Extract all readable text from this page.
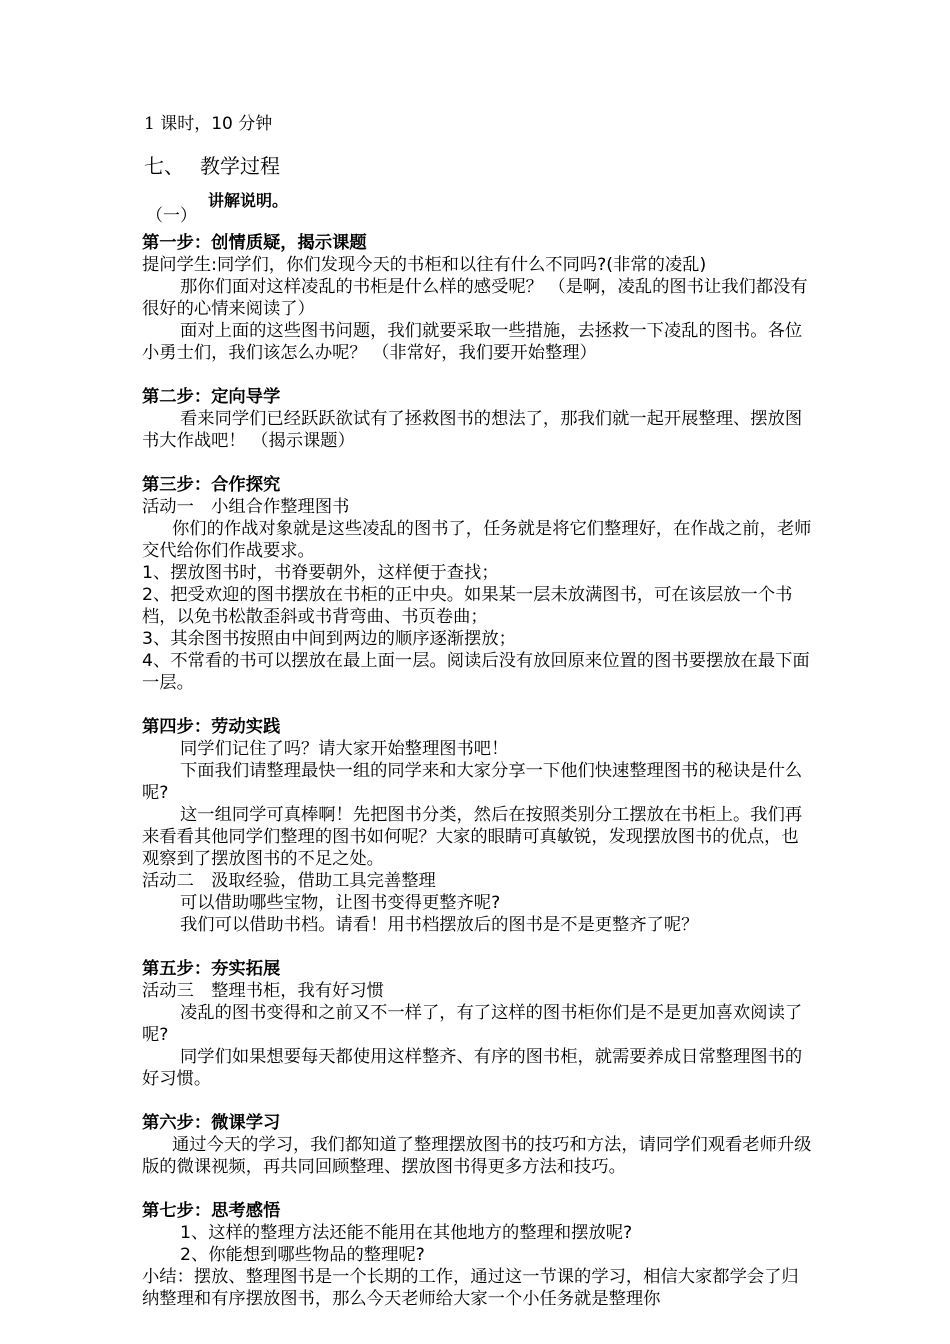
1 课时，10 分钟
七、 教学过程
讲解说明。
（一）

第一步：创情质疑，揭示课题

提问学生:同学们，你们发现今天的书柜和以往有什么不同吗?(非常的凌乱)

那你们面对这样凌乱的书柜是什么样的感受呢？ （是啊，凌乱的图书让我们都没有很好的心情来阅读了）

面对上面的这些图书问题，我们就要采取一些措施，去拯救一下凌乱的图书。各位小勇士们，我们该怎么办呢？ （非常好，我们要开始整理）

第二步：定向导学

看来同学们已经跃跃欲试有了拯救图书的想法了，那我们就一起开展整理、摆放图书大作战吧！ （揭示课题）

第三步：合作探究

活动一　小组合作整理图书

你们的作战对象就是这些凌乱的图书了，任务就是将它们整理好，在作战之前，老师交代给你们作战要求。

1、摆放图书时，书脊要朝外，这样便于查找；

2、把受欢迎的图书摆放在书柜的正中央。如果某一层未放满图书，可在该层放一个书档，以免书松散歪斜或书背弯曲、书页卷曲；

3、其余图书按照由中间到两边的顺序逐渐摆放；

4、不常看的书可以摆放在最上面一层。阅读后没有放回原来位置的图书要摆放在最下面一层。

第四步：劳动实践

同学们记住了吗？请大家开始整理图书吧！

下面我们请整理最快一组的同学来和大家分享一下他们快速整理图书的秘诀是什么呢?

这一组同学可真棒啊！先把图书分类，然后在按照类别分工摆放在书柜上。我们再来看看其他同学们整理的图书如何呢？大家的眼睛可真敏锐，发现摆放图书的优点，也观察到了摆放图书的不足之处。

活动二　汲取经验，借助工具完善整理

可以借助哪些宝物，让图书变得更整齐呢?

我们可以借助书档。请看！用书档摆放后的图书是不是更整齐了呢？

第五步：夯实拓展

活动三　整理书柜，我有好习惯

凌乱的图书变得和之前又不一样了，有了这样的图书柜你们是不是更加喜欢阅读了呢?

同学们如果想要每天都使用这样整齐、有序的图书柜，就需要养成日常整理图书的好习惯。

第六步：微课学习

通过今天的学习，我们都知道了整理摆放图书的技巧和方法，请同学们观看老师升级版的微课视频，再共同回顾整理、摆放图书得更多方法和技巧。

第七步：思考感悟

1、这样的整理方法还能不能用在其他地方的整理和摆放呢?

2、你能想到哪些物品的整理呢?

小结：摆放、整理图书是一个长期的工作，通过这一节课的学习，相信大家都学会了归纳整理和有序摆放图书，那么今天老师给大家一个小任务就是整理你
